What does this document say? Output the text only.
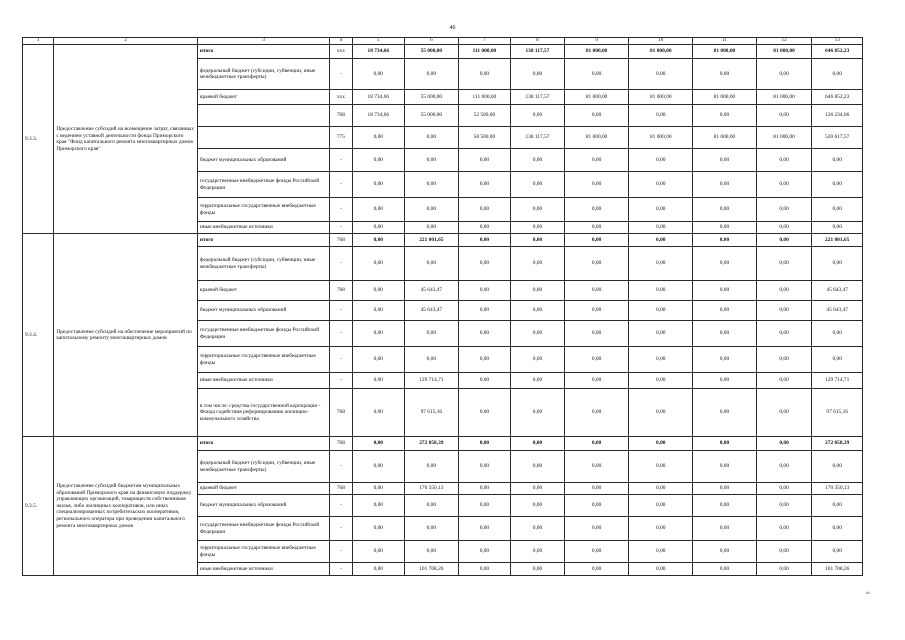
46
1	2	3	4	5	6	7	8	9	10	11	12	13
9.3.3.	Предоставление субсидий на возмещение затрат, связанных с ведением уставной деятельности фонда Приморского края "Фонд капитального ремонта многоквартирных домов Приморского края"	итого	ххх	18 734,66	55 000,00	111 000,00	138 117,57	81 000,00	81 000,00	81 000,00	81 000,00	646 852,23
		федеральный бюджет (субсидии, субвенции, иные межбюджетные трансферты)	-	0,00	0,00	0,00	0,00	0,00	0,00	0,00	0,00	0,00
		краевой бюджет	ххх	18 734,66	55 000,00	111 000,00	138 117,57	81 000,00	81 000,00	81 000,00	81 000,00	646 852,23
			768	18 734,66	55 000,00	52 500,00	0,00	0,00	0,00	0,00	0,00	126 234,66
			775	0,00	0,00	58 500,00	138 117,57	81 000,00	81 000,00	81 000,00	81 000,00	520 617,57
		бюджет муниципальных образований	-	0,00	0,00	0,00	0,00	0,00	0,00	0,00	0,00	0,00
		государственные внебюджетные фонды Российской Федерации	-	0,00	0,00	0,00	0,00	0,00	0,00	0,00	0,00	0,00
		территориальные государственные внебюджетные фонды	-	0,00	0,00	0,00	0,00	0,00	0,00	0,00	0,00	0,00
		иные внебюджетные источники	-	0,00	0,00	0,00	0,00	0,00	0,00	0,00	0,00	0,00
9.3.4.	Предоставление субсидий на обеспечение мероприятий по капитальному ремонту многоквартирных домов	итого	768	0,00	221 001,65	0,00	0,00	0,00	0,00	0,00	0,00	221 001,65
		федеральный бюджет (субсидии, субвенции, иные межбюджетные трансферты)	-	0,00	0,00	0,00	0,00	0,00	0,00	0,00	0,00	0,00
		краевой бюджет	768	0,00	45 643,47	0,00	0,00	0,00	0,00	0,00	0,00	45 643,47
		бюджет муниципальных образований	-	0,00	45 643,47	0,00	0,00	0,00	0,00	0,00	0,00	45 643,47
		государственные внебюджетные фонды Российской Федерации	-	0,00	0,00	0,00	0,00	0,00	0,00	0,00	0,00	0,00
		территориальные государственные внебюджетные фонды	-	0,00	0,00	0,00	0,00	0,00	0,00	0,00	0,00	0,00
		иные внебюджетные источники	-	0,00	129 714,71	0,00	0,00	0,00	0,00	0,00	0,00	129 714,71
		в том числе: средства государственной корпорации - Фонда содействия реформированию жилищно-коммунального хозяйства	768	0,00	97 615,16	0,00	0,00	0,00	0,00	0,00	0,00	97 615,16
9.3.5.	Предоставление субсидий бюджетам муниципальных образований Приморского края на финансовую поддержку управляющих организаций, товариществ собственников жилья, либо жилищных кооперативов, или иных специализированных потребительских кооперативов, регионального оператора при проведении капитального ремонта многоквартирных домов	итого	768	0,00	272 058,39	0,00	0,00	0,00	0,00	0,00	0,00	272 058,39
		федеральный бюджет (субсидии, субвенции, иные межбюджетные трансферты)	-	0,00	0,00	0,00	0,00	0,00	0,00	0,00	0,00	0,00
		краевой бюджет	768	0,00	170 350,13	0,00	0,00	0,00	0,00	0,00	0,00	170 350,13
		бюджет муниципальных образований	-	0,00	0,00	0,00	0,00	0,00	0,00	0,00	0,00	0,00
		государственные внебюджетные фонды Российской Федерации	-	0,00	0,00	0,00	0,00	0,00	0,00	0,00	0,00	0,00
		территориальные государственные внебюджетные фонды	-	0,00	0,00	0,00	0,00	0,00	0,00	0,00	0,00	0,00
		иные внебюджетные источники	-	0,00	101 708,26	0,00	0,00	0,00	0,00	0,00	0,00	101 708,26
».
